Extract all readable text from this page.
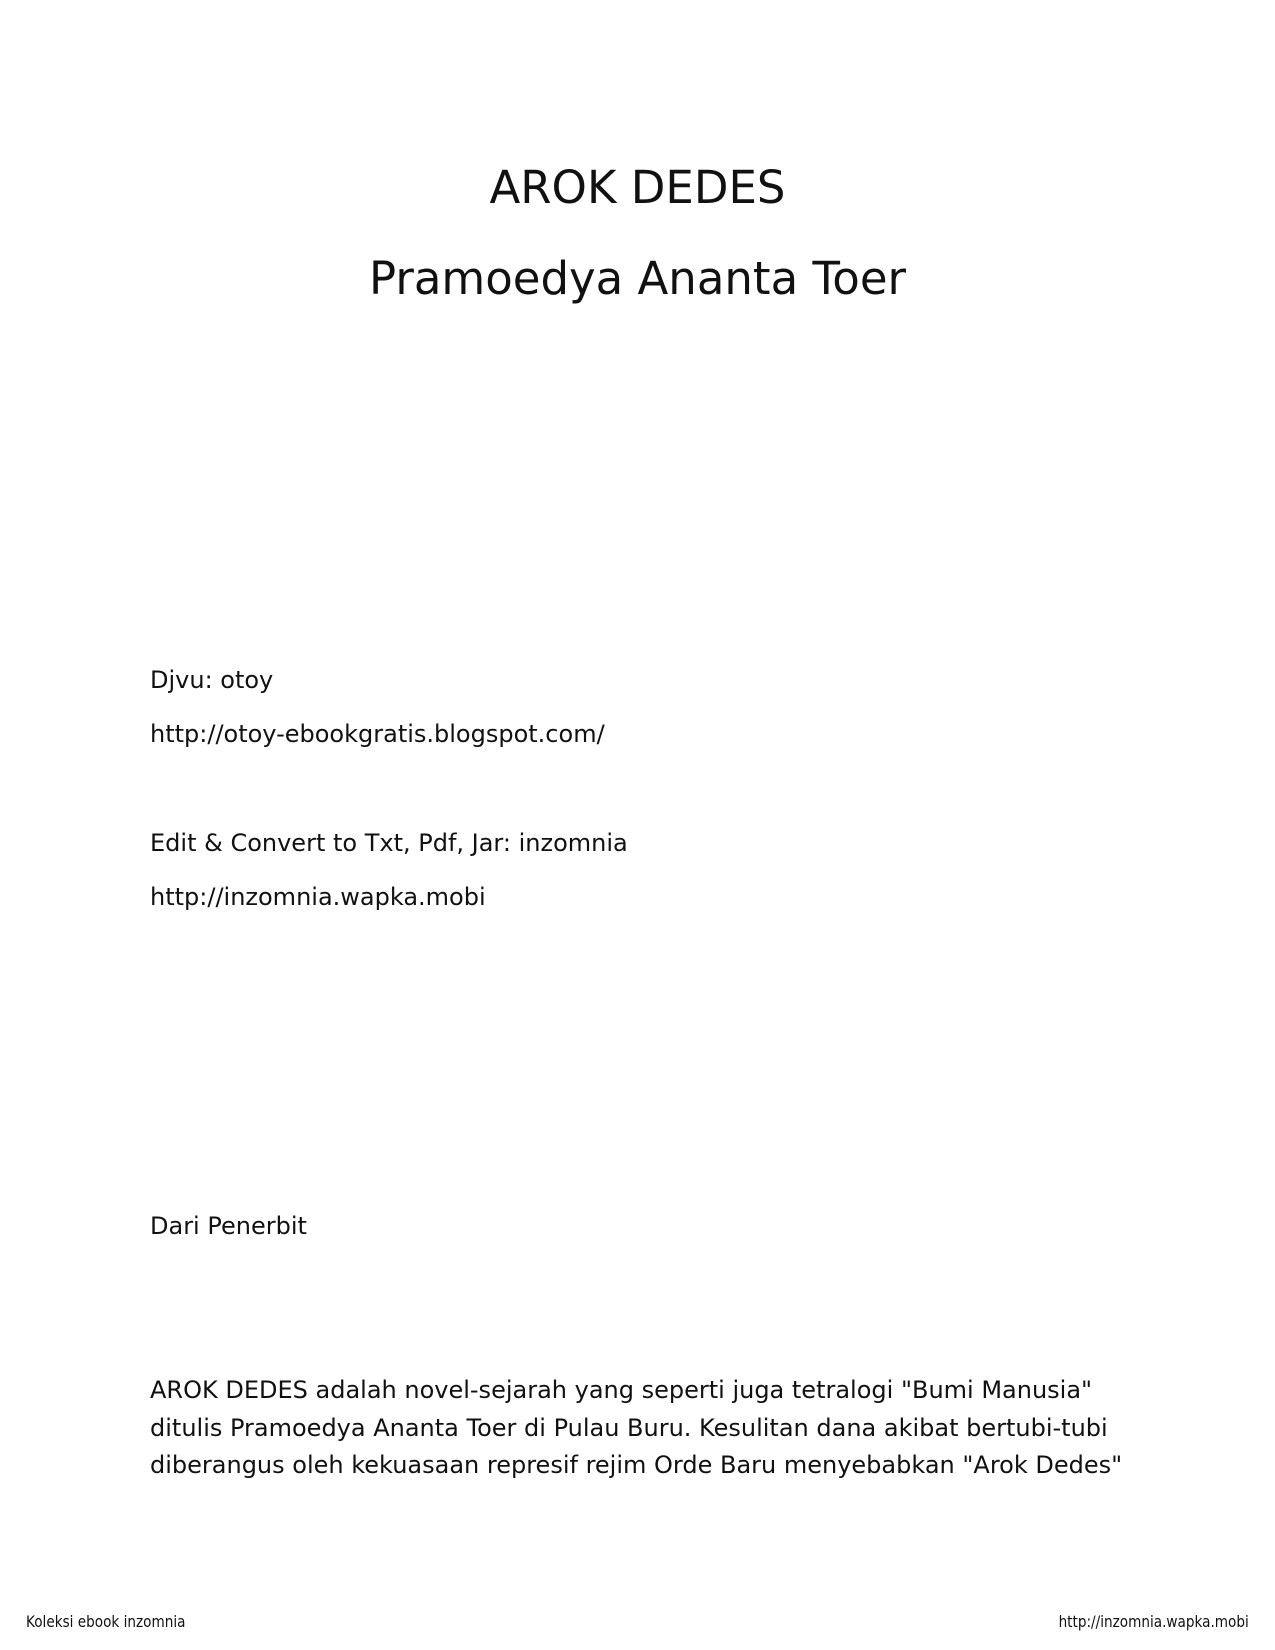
AROK DEDES
Pramoedya Ananta Toer
Djvu: otoy
http://otoy-ebookgratis.blogspot.com/
Edit & Convert to Txt, Pdf, Jar: inzomnia
http://inzomnia.wapka.mobi
Dari Penerbit
AROK DEDES adalah novel-sejarah yang seperti juga tetralogi "Bumi Manusia"
ditulis Pramoedya Ananta Toer di Pulau Buru. Kesulitan dana akibat bertubi-tubi
diberangus oleh kekuasaan represif rejim Orde Baru menyebabkan "Arok Dedes"
Koleksi ebook inzomnia	http://inzomnia.wapka.mobi
